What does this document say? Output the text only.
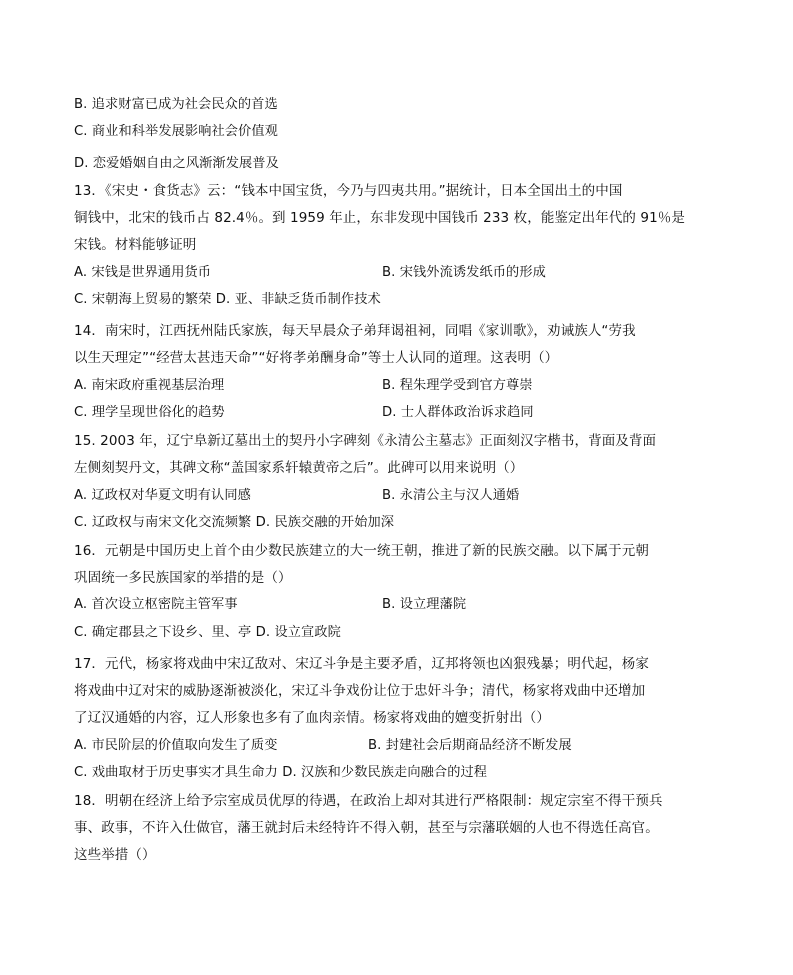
B. 追求财富已成为社会民众的首选
C. 商业和科举发展影响社会价值观
D. 恋爱婚姻自由之风渐渐发展普及
13．《宋史・食货志》云：“钱本中国宝货，今乃与四夷共用。”据统计，日本全国出土的中国
铜钱中，北宋的钱币占 82.4％。到 1959 年止，东非发现中国钱币 233 枚，能鉴定出年代的 91％是
宋钱。材料能够证明
A. 宋钱是世界通用货币	B. 宋钱外流诱发纸币的形成
C. 宋朝海上贸易的繁荣 D. 亚、非缺乏货币制作技术
14．南宋时，江西抚州陆氏家族，每天早晨众子弟拜谒祖祠，同唱《家训歌》，劝诫族人“劳我
以生天理定”“经营太甚违天命”“好将孝弟酬身命”等士人认同的道理。这表明（）
A. 南宋政府重视基层治理	B. 程朱理学受到官方尊崇
C. 理学呈现世俗化的趋势	D. 士人群体政治诉求趋同
15. 2003 年，辽宁阜新辽墓出土的契丹小字碑刻《永清公主墓志》正面刻汉字楷书，背面及背面
左侧刻契丹文，其碑文称“盖国家系轩辕黄帝之后”。此碑可以用来说明（）
A. 辽政权对华夏文明有认同感	B. 永清公主与汉人通婚
C. 辽政权与南宋文化交流频繁 D. 民族交融的开始加深
16．元朝是中国历史上首个由少数民族建立的大一统王朝，推进了新的民族交融。以下属于元朝
巩固统一多民族国家的举措的是（）
A. 首次设立枢密院主管军事	B. 设立理藩院
C. 确定郡县之下设乡、里、亭 D. 设立宣政院
17．元代，杨家将戏曲中宋辽敌对、宋辽斗争是主要矛盾，辽邦将领也凶狠残暴；明代起，杨家
将戏曲中辽对宋的威胁逐渐被淡化，宋辽斗争戏份让位于忠奸斗争；清代，杨家将戏曲中还增加
了辽汉通婚的内容，辽人形象也多有了血肉亲情。杨家将戏曲的嬗变折射出（）
A. 市民阶层的价值取向发生了质变	B. 封建社会后期商品经济不断发展
C. 戏曲取材于历史事实才具生命力 D. 汉族和少数民族走向融合的过程
18．明朝在经济上给予宗室成员优厚的待遇，在政治上却对其进行严格限制：规定宗室不得干预兵
事、政事，不许入仕做官，藩王就封后未经特许不得入朝，甚至与宗藩联姻的人也不得选任高官。
这些举措（）
